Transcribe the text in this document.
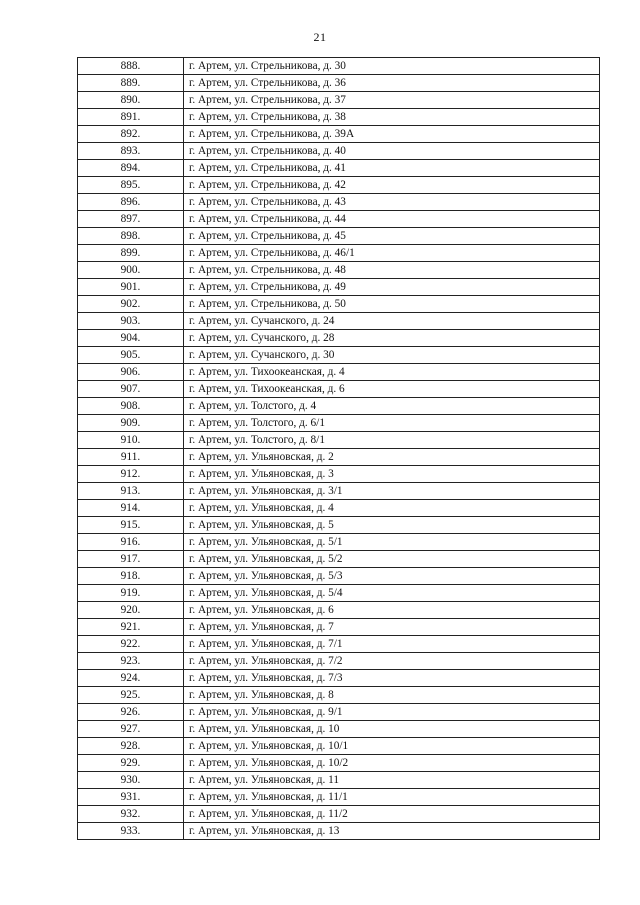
21
888.	г. Артем, ул. Стрельникова, д. 30
889.	г. Артем, ул. Стрельникова, д. 36
890.	г. Артем, ул. Стрельникова, д. 37
891.	г. Артем, ул. Стрельникова, д. 38
892.	г. Артем, ул. Стрельникова, д. 39А
893.	г. Артем, ул. Стрельникова, д. 40
894.	г. Артем, ул. Стрельникова, д. 41
895.	г. Артем, ул. Стрельникова, д. 42
896.	г. Артем, ул. Стрельникова, д. 43
897.	г. Артем, ул. Стрельникова, д. 44
898.	г. Артем, ул. Стрельникова, д. 45
899.	г. Артем, ул. Стрельникова, д. 46/1
900.	г. Артем, ул. Стрельникова, д. 48
901.	г. Артем, ул. Стрельникова, д. 49
902.	г. Артем, ул. Стрельникова, д. 50
903.	г. Артем, ул. Сучанского, д. 24
904.	г. Артем, ул. Сучанского, д. 28
905.	г. Артем, ул. Сучанского, д. 30
906.	г. Артем, ул. Тихоокеанская, д. 4
907.	г. Артем, ул. Тихоокеанская, д. 6
908.	г. Артем, ул. Толстого, д. 4
909.	г. Артем, ул. Толстого, д. 6/1
910.	г. Артем, ул. Толстого, д. 8/1
911.	г. Артем, ул. Ульяновская, д. 2
912.	г. Артем, ул. Ульяновская, д. 3
913.	г. Артем, ул. Ульяновская, д. 3/1
914.	г. Артем, ул. Ульяновская, д. 4
915.	г. Артем, ул. Ульяновская, д. 5
916.	г. Артем, ул. Ульяновская, д. 5/1
917.	г. Артем, ул. Ульяновская, д. 5/2
918.	г. Артем, ул. Ульяновская, д. 5/3
919.	г. Артем, ул. Ульяновская, д. 5/4
920.	г. Артем, ул. Ульяновская, д. 6
921.	г. Артем, ул. Ульяновская, д. 7
922.	г. Артем, ул. Ульяновская, д. 7/1
923.	г. Артем, ул. Ульяновская, д. 7/2
924.	г. Артем, ул. Ульяновская, д. 7/3
925.	г. Артем, ул. Ульяновская, д. 8
926.	г. Артем, ул. Ульяновская, д. 9/1
927.	г. Артем, ул. Ульяновская, д. 10
928.	г. Артем, ул. Ульяновская, д. 10/1
929.	г. Артем, ул. Ульяновская, д. 10/2
930.	г. Артем, ул. Ульяновская, д. 11
931.	г. Артем, ул. Ульяновская, д. 11/1
932.	г. Артем, ул. Ульяновская, д. 11/2
933.	г. Артем, ул. Ульяновская, д. 13
